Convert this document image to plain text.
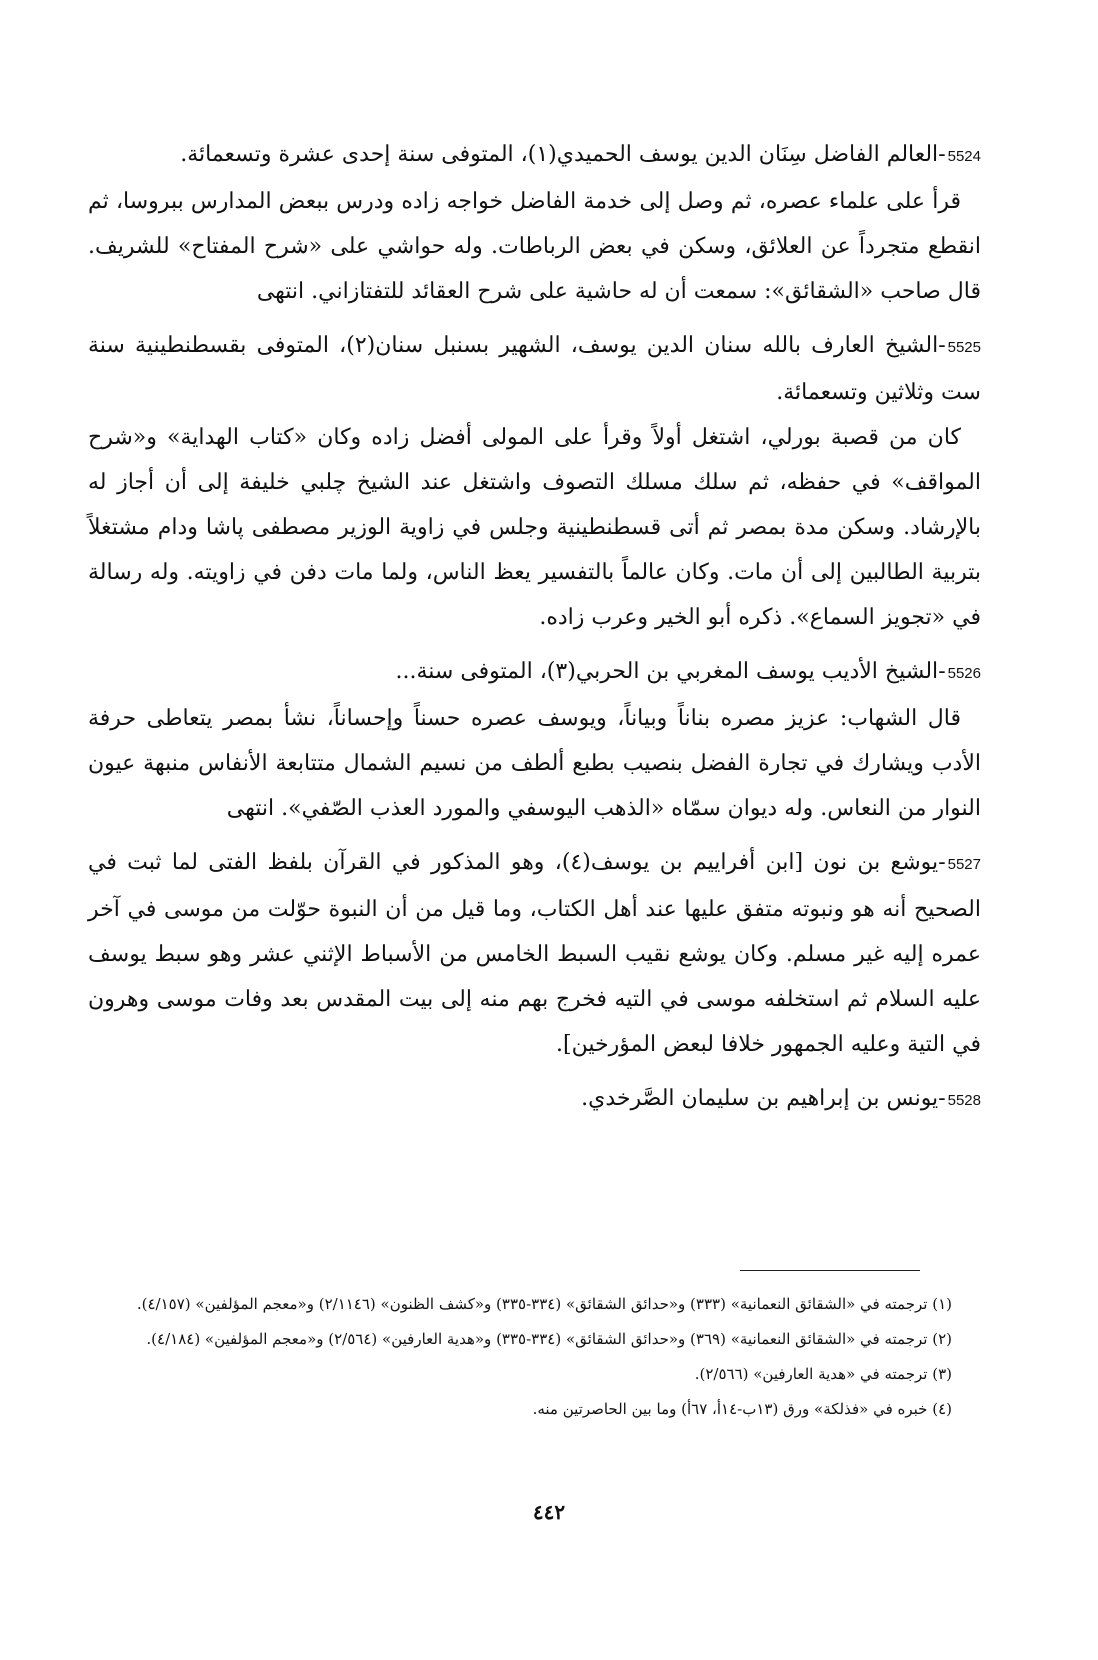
5524-العالم الفاضل سِنَان الدين يوسف الحميدي(١)، المتوفى سنة إحدى عشرة وتسعمائة.

قرأ على علماء عصره، ثم وصل إلى خدمة الفاضل خواجه زاده ودرس ببعض المدارس ببروسا، ثم انقطع متجرداً عن العلائق، وسكن في بعض الرباطات. وله حواشي على «شرح المفتاح» للشريف. قال صاحب «الشقائق»: سمعت أن له حاشية على شرح العقائد للتفتازاني. انتهى

5525-الشيخ العارف بالله سنان الدين يوسف، الشهير بسنبل سنان(٢)، المتوفى بقسطنطينية سنة ست وثلاثين وتسعمائة.

كان من قصبة بورلي، اشتغل أولاً وقرأ على المولى أفضل زاده وكان «كتاب الهداية» و«شرح المواقف» في حفظه، ثم سلك مسلك التصوف واشتغل عند الشيخ چلبي خليفة إلى أن أجاز له بالإرشاد. وسكن مدة بمصر ثم أتى قسطنطينية وجلس في زاوية الوزير مصطفى پاشا ودام مشتغلاً بتربية الطالبين إلى أن مات. وكان عالماً بالتفسير يعظ الناس، ولما مات دفن في زاويته. وله رسالة في «تجويز السماع». ذكره أبو الخير وعرب زاده.

5526-الشيخ الأديب يوسف المغربي بن الحربي(٣)، المتوفى سنة...

قال الشهاب: عزيز مصره بناناً وبياناً، ويوسف عصره حسناً وإحساناً، نشأ بمصر يتعاطى حرفة الأدب ويشارك في تجارة الفضل بنصيب بطبع ألطف من نسيم الشمال متتابعة الأنفاس منبهة عيون النوار من النعاس. وله ديوان سمّاه «الذهب اليوسفي والمورد العذب الصّفي». انتهى

5527-يوشع بن نون [ابن أفراييم بن يوسف(٤)، وهو المذكور في القرآن بلفظ الفتى لما ثبت في الصحيح أنه هو ونبوته متفق عليها عند أهل الكتاب، وما قيل من أن النبوة حوّلت من موسى في آخر عمره إليه غير مسلم. وكان يوشع نقيب السبط الخامس من الأسباط الإثني عشر وهو سبط يوسف عليه السلام ثم استخلفه موسى في التيه فخرج بهم منه إلى بيت المقدس بعد وفات موسى وهرون في التية وعليه الجمهور خلافا لبعض المؤرخين].

5528-يونس بن إبراهيم بن سليمان الصَّرخدي.

(١) ترجمته في «الشقائق النعمانية» (٣٣٣) و«حدائق الشقائق» (٣٣٤-٣٣٥) و«كشف الظنون» (٢/١١٤٦) و«معجم المؤلفين» (٤/١٥٧).

(٢) ترجمته في «الشقائق النعمانية» (٣٦٩) و«حدائق الشقائق» (٣٣٤-٣٣٥) و«هدية العارفين» (٢/٥٦٤) و«معجم المؤلفين» (٤/١٨٤).

(٣) ترجمته في «هدية العارفين» (٢/٥٦٦).

(٤) خبره في «فذلكة» ورق (١٣ب-١٤أ، ٦٧أ) وما بين الحاصرتين منه.

٤٤٢
